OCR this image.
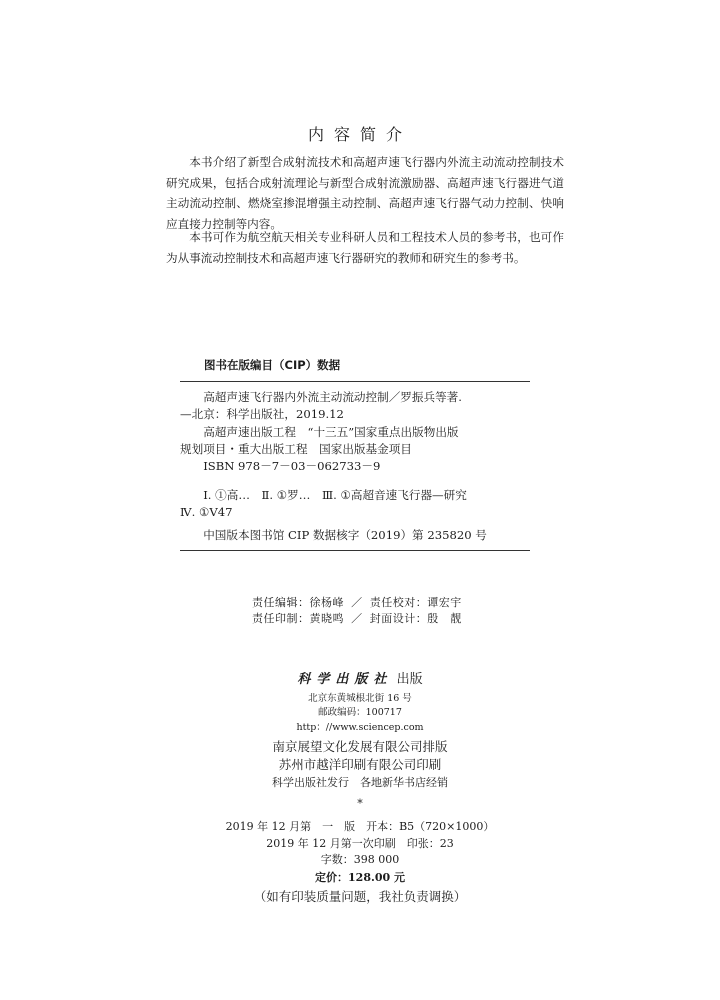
内容简介

本书介绍了新型合成射流技术和高超声速飞行器内外流主动流动控制技术研究成果，包括合成射流理论与新型合成射流激励器、高超声速飞行器进气道主动流动控制、燃烧室掺混增强主动控制、高超声速飞行器气动力控制、快响应直接力控制等内容。

本书可作为航空航天相关专业科研人员和工程技术人员的参考书，也可作为从事流动控制技术和高超声速飞行器研究的教师和研究生的参考书。

图书在版编目（CIP）数据
　　高超声速飞行器内外流主动流动控制／罗振兵等著.
—北京：科学出版社，2019.12
　　高超声速出版工程　“十三五”国家重点出版物出版
规划项目・重大出版工程　国家出版基金项目
　　ISBN 978－7－03－062733－9
　　Ⅰ. ①高…　Ⅱ. ①罗…　Ⅲ. ①高超音速飞行器—研究
Ⅳ. ①V47
　　中国版本图书馆 CIP 数据核字（2019）第 235820 号
责任编辑：徐杨峰 ／ 责任校对：谭宏宇
责任印制：黄晓鸣 ／ 封面设计：殷　靓
科学出版社 出版
北京东黄城根北街 16 号
邮政编码：100717
http：//www.sciencep.com
南京展望文化发展有限公司排版
苏州市越洋印刷有限公司印刷
科学出版社发行　各地新华书店经销
*
2019 年 12 月第　一　版　开本：B5（720×1000）
2019 年 12 月第一次印刷　印张：23
字数：398 000
定价：128.00 元
（如有印装质量问题，我社负责调换）
